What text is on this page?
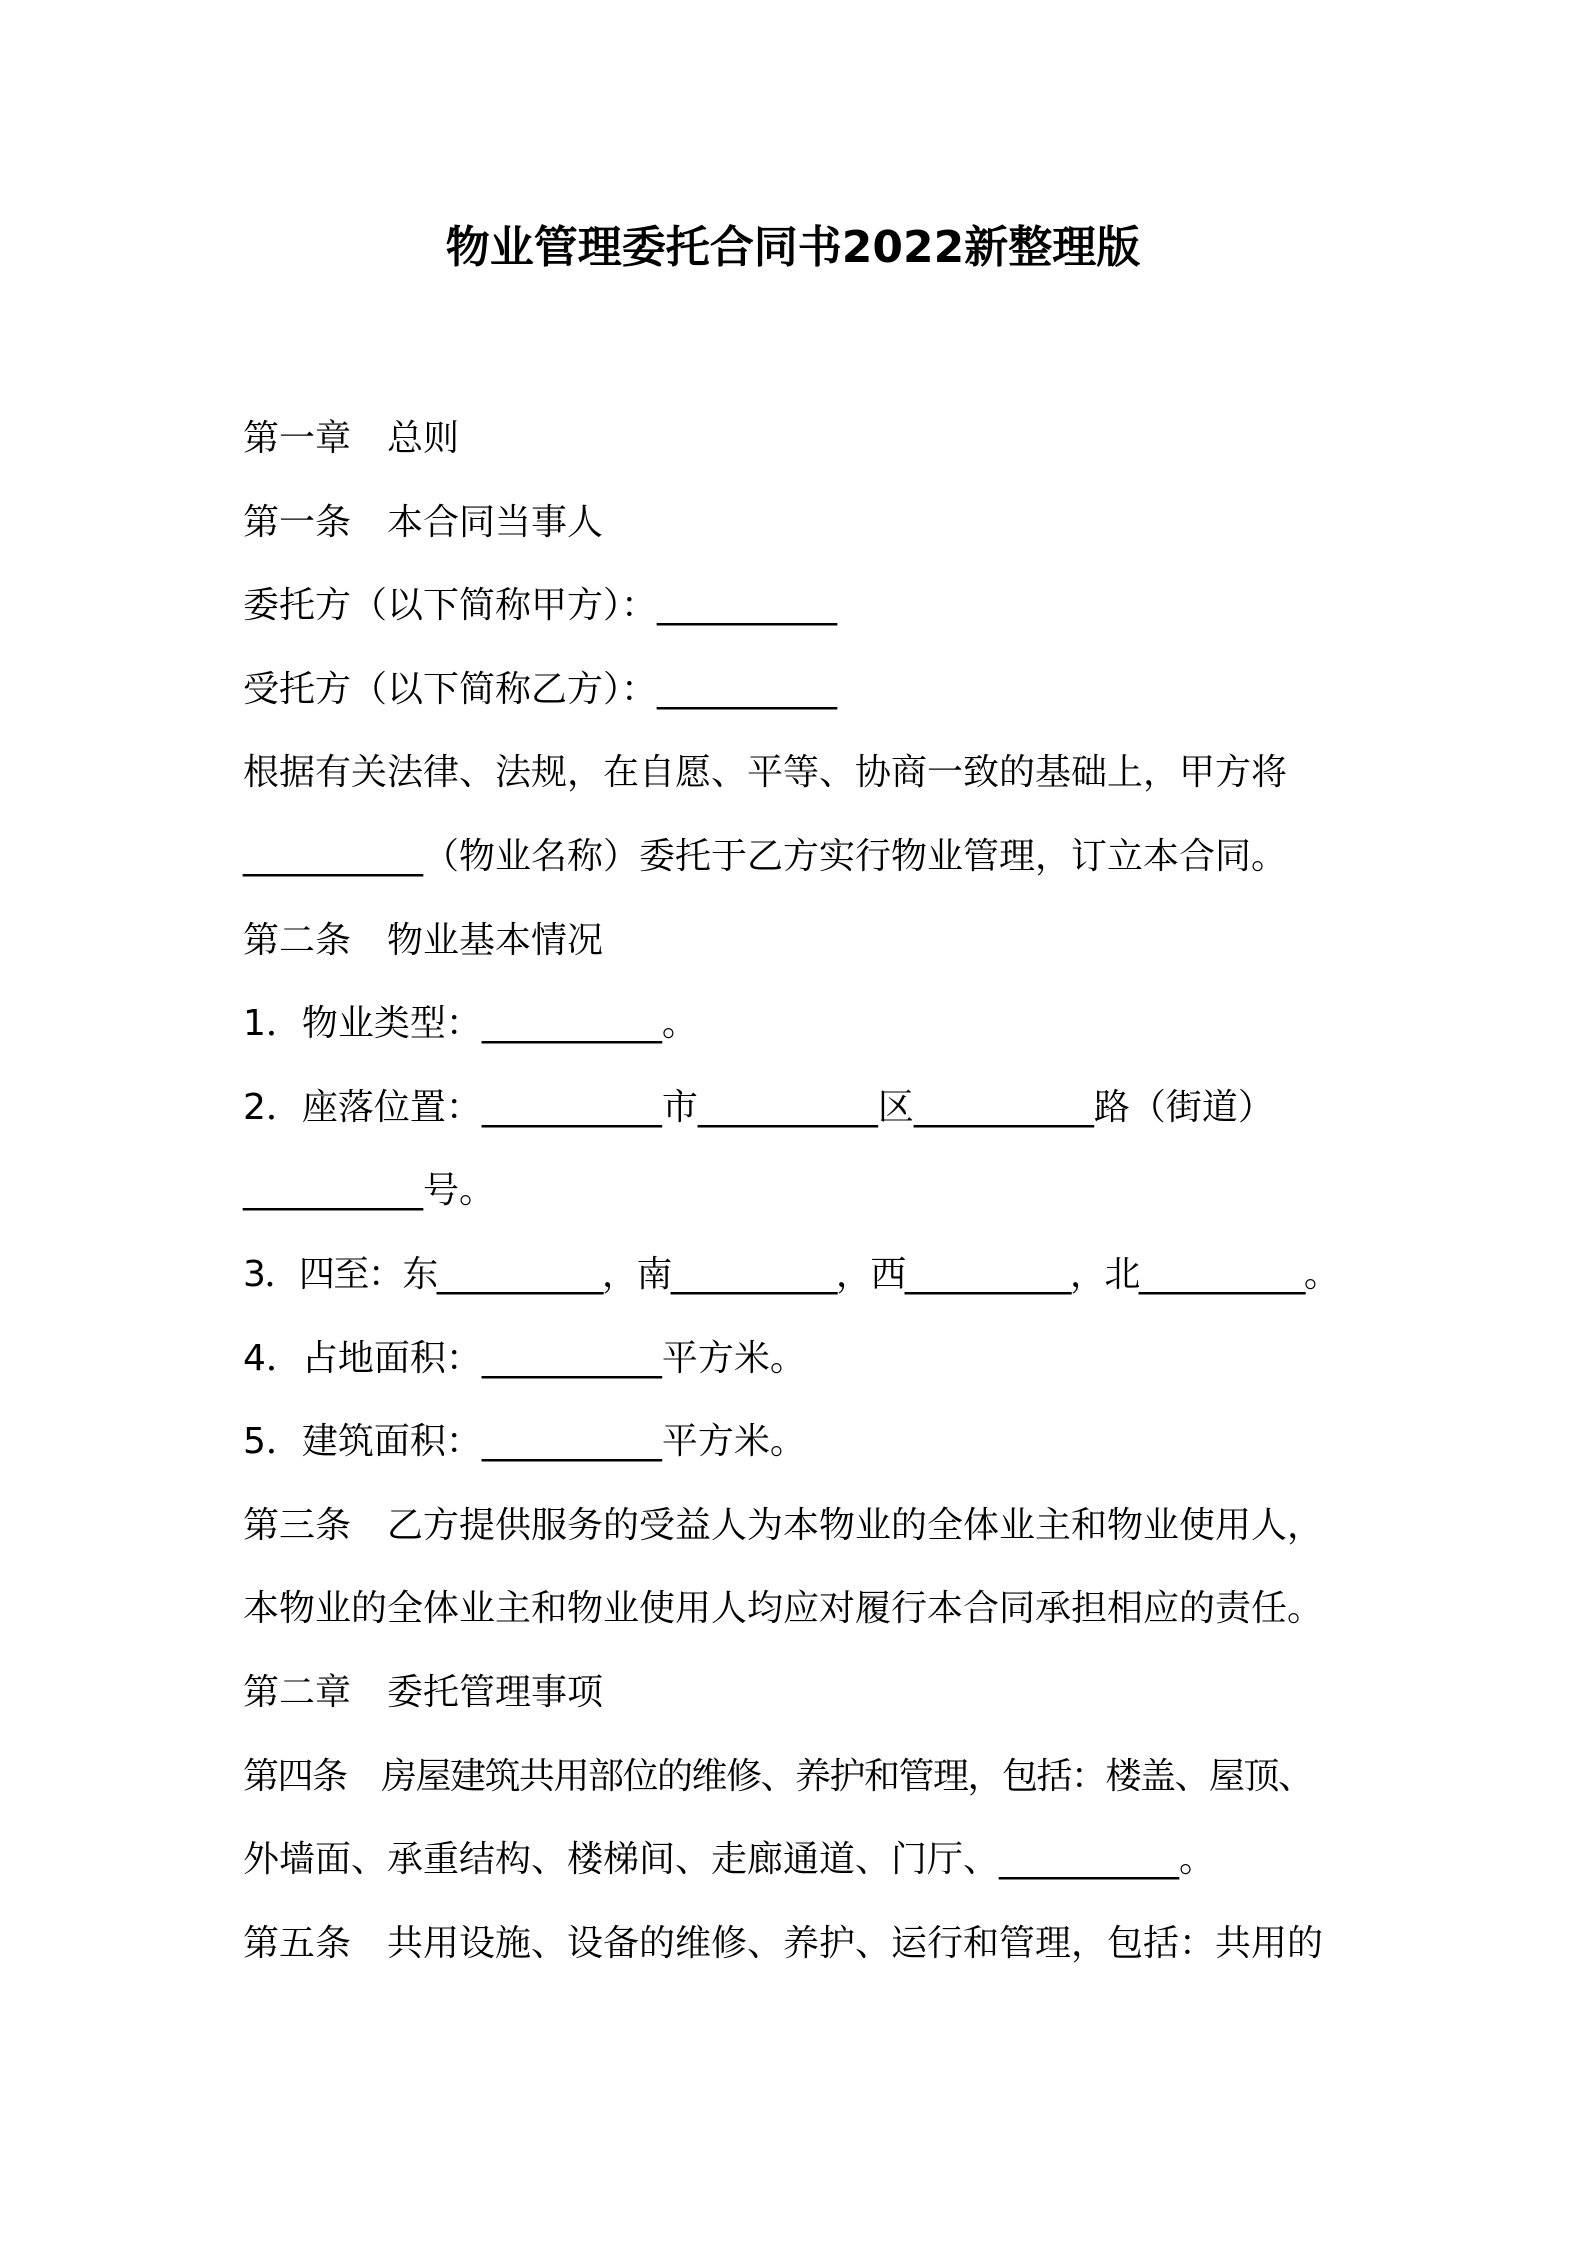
物业管理委托合同书2022新整理版
第一章　总则
第一条　本合同当事人
委托方（以下简称甲方）：__________
受托方（以下简称乙方）：__________
根据有关法律、法规，在自愿、平等、协商一致的基础上，甲方将
__________（物业名称）委托于乙方实行物业管理，订立本合同。
第二条　物业基本情况
1．物业类型：__________。
2．座落位置：__________市__________区__________路（街道）
__________号。
3．四至：东__________，南__________，西__________，北__________。
4．占地面积：__________平方米。
5．建筑面积：__________平方米。
第三条　乙方提供服务的受益人为本物业的全体业主和物业使用人，
本物业的全体业主和物业使用人均应对履行本合同承担相应的责任。
第二章　委托管理事项
第四条　房屋建筑共用部位的维修、养护和管理，包括：楼盖、屋顶、
外墙面、承重结构、楼梯间、走廊通道、门厅、__________。
第五条　共用设施、设备的维修、养护、运行和管理，包括：共用的
